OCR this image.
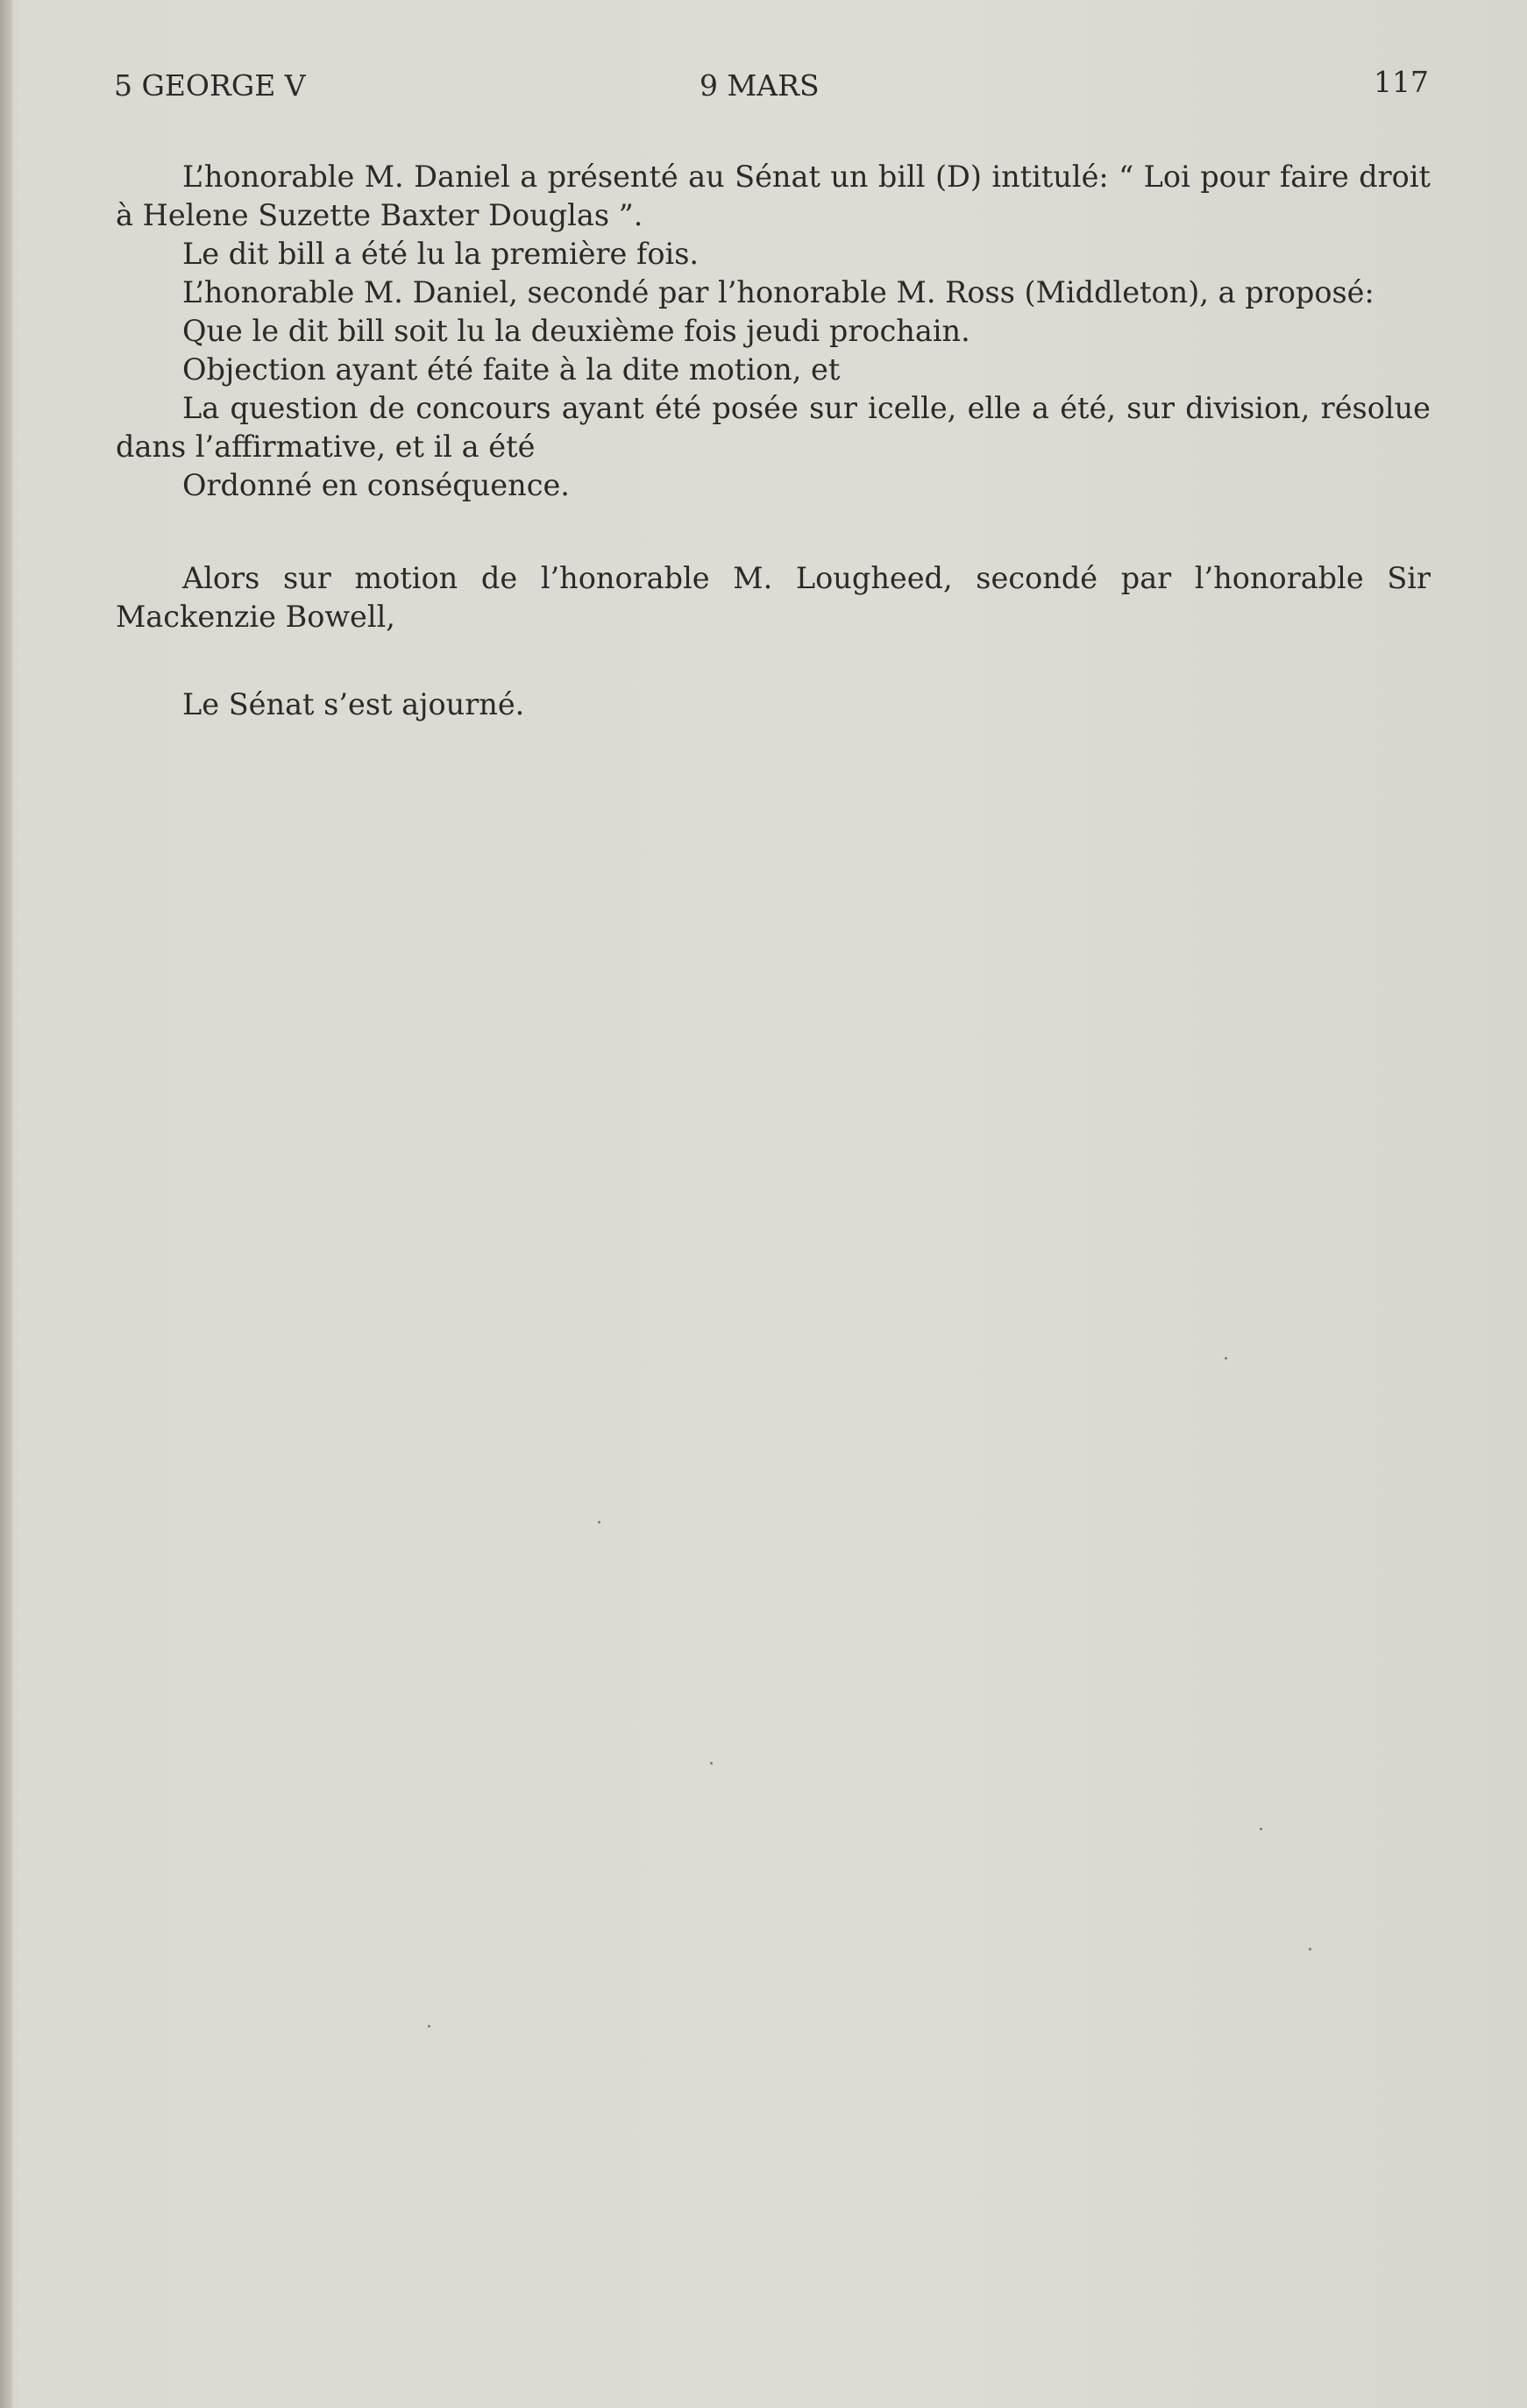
5 GEORGE V	9 MARS	117

L’honorable M. Daniel a présenté au Sénat un bill (D) intitulé: “ Loi pour faire droit à Helene Suzette Baxter Douglas ”.

Le dit bill a été lu la première fois.

L’honorable M. Daniel, secondé par l’honorable M. Ross (Middleton), a proposé:

Que le dit bill soit lu la deuxième fois jeudi prochain.

Objection ayant été faite à la dite motion, et

La question de concours ayant été posée sur icelle, elle a été, sur division, résolue dans l’affirmative, et il a été

Ordonné en conséquence.

Alors sur motion de l’honorable M. Lougheed, secondé par l’honorable Sir Mackenzie Bowell,

Le Sénat s’est ajourné.
